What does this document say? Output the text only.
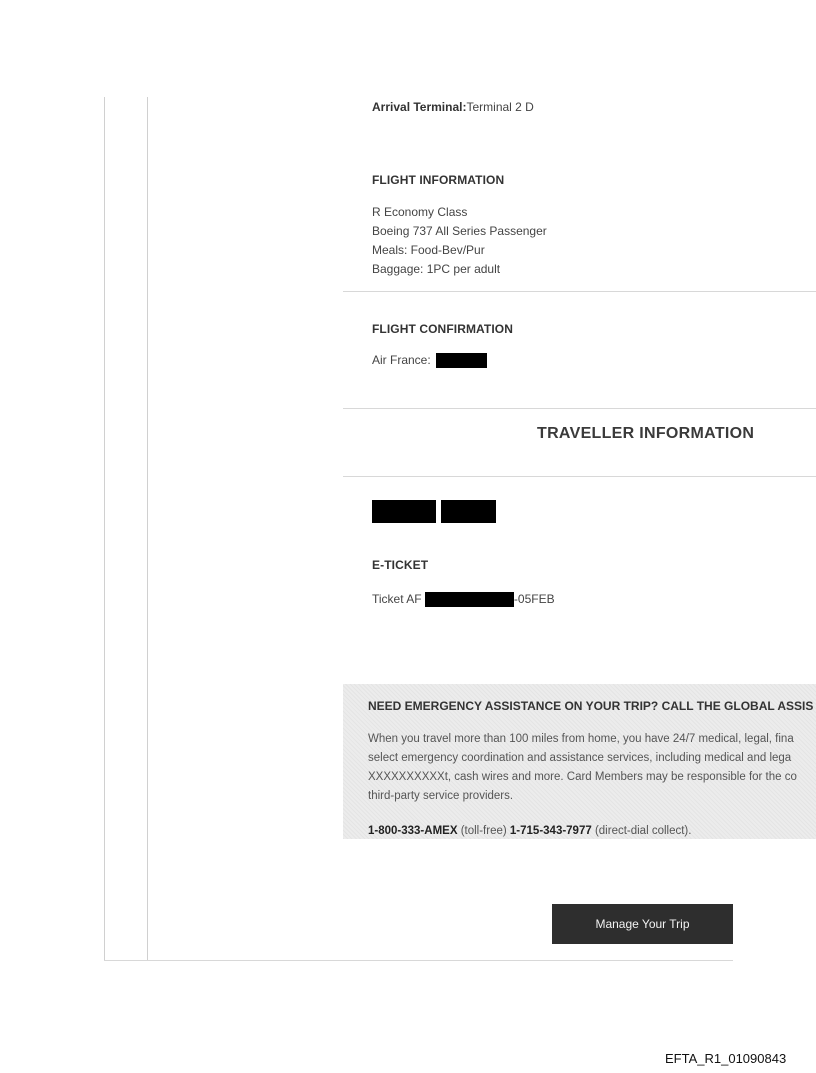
Arrival Terminal:Terminal 2 D
FLIGHT INFORMATION
R Economy Class
Boeing 737 All Series Passenger
Meals: Food-Bev/Pur
Baggage: 1PC per adult
FLIGHT CONFIRMATION
Air France:
TRAVELLER INFORMATION

E-TICKET
Ticket AF	-05FEB
NEED EMERGENCY ASSISTANCE ON YOUR TRIP? CALL THE GLOBAL ASSIS
When you travel more than 100 miles from home, you have 24/7 medical, legal, fina
select emergency coordination and assistance services, including medical and lega
XXXXXXXXXXt, cash wires and more. Card Members may be responsible for the co
third-party service providers.
1-800-333-AMEX (toll-free) 1-715-343-7977 (direct-dial collect).
Manage Your Trip
EFTA_R1_01090843
